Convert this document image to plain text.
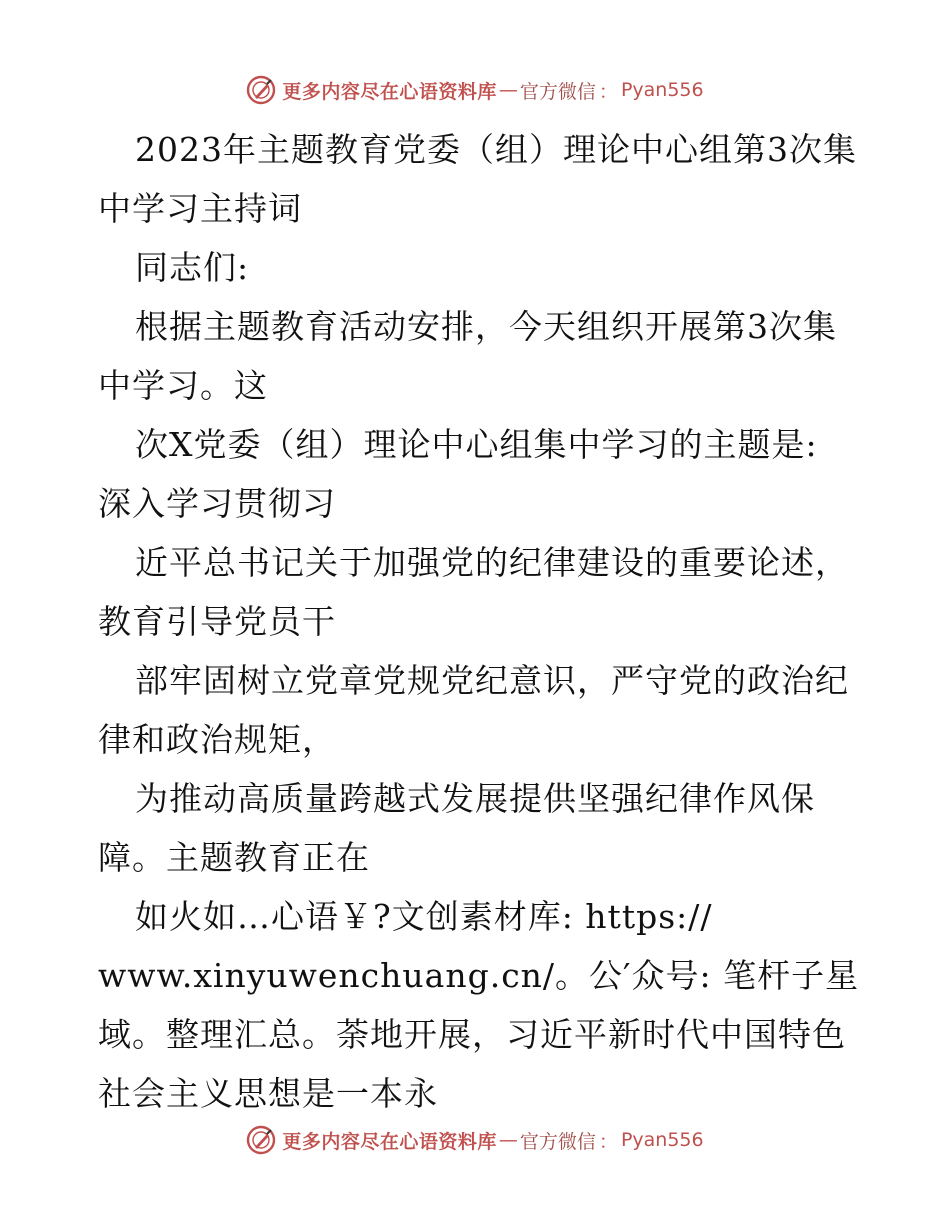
更多内容尽在心语资料库 — 官方微信 ： Pyan556
2023年主题教育党委（组）理论中心组第3次集
中学习主持词
同志们:
根据主题教育活动安排，今天组织开展第3次集
中学习。这
次X党委（组）理论中心组集中学习的主题是:
深入学习贯彻习
近平总书记关于加强党的纪律建设的重要论述，
教育引导党员干
部牢固树立党章党规党纪意识，严守党的政治纪
律和政治规矩，
为推动高质量跨越式发展提供坚强纪律作风保
障。主题教育正在
如火如…心语￥?文创素材库: https://
www.xinyuwenchuang.cn/。公′众号: 笔杆子星
域。整理汇总。荼地开展，习近平新时代中国特色
社会主义思想是一本永
更多内容尽在心语资料库 — 官方微信 ： Pyan556
